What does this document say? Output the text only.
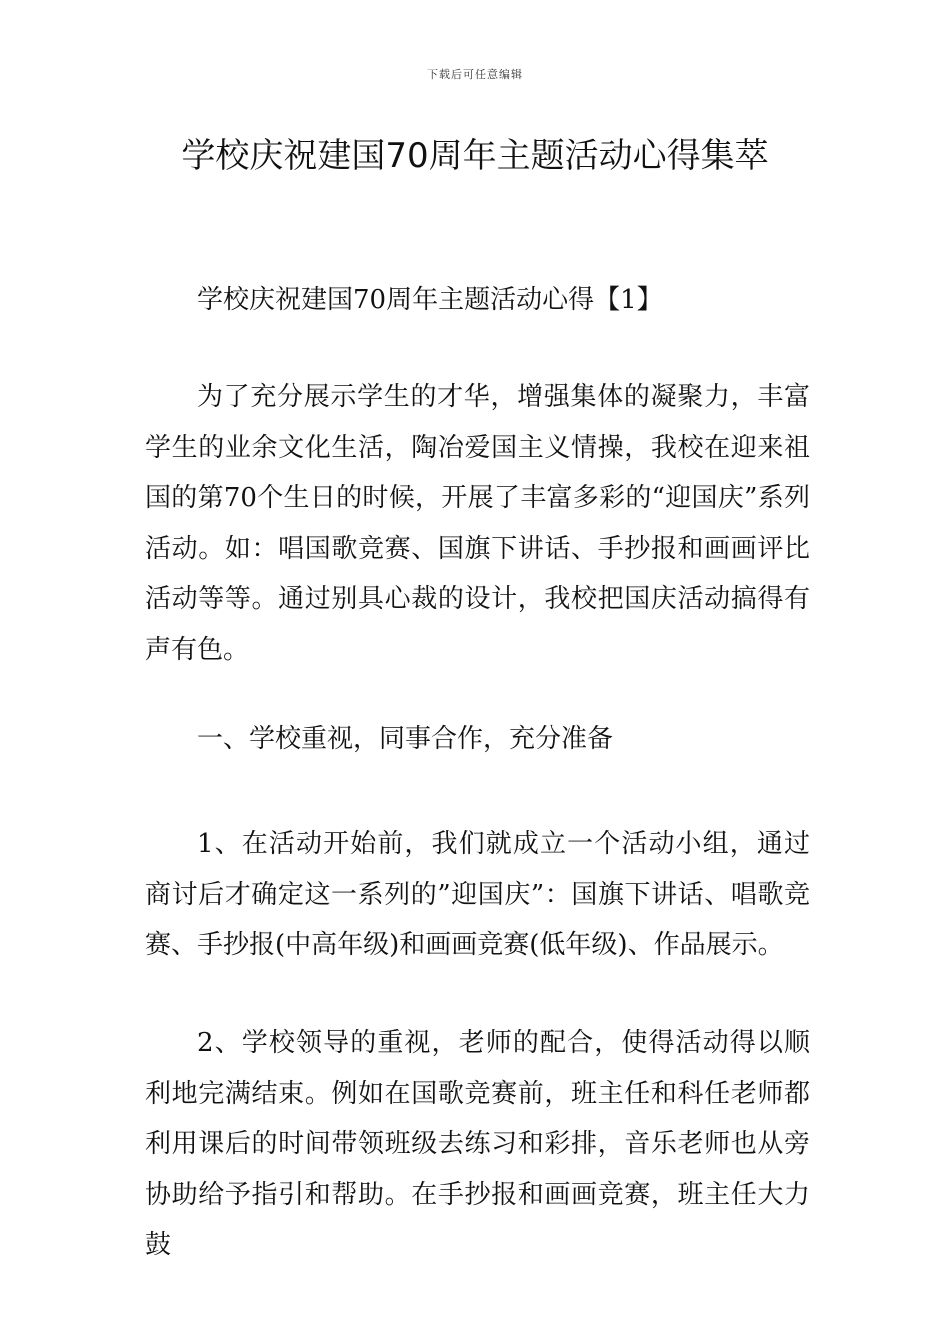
下载后可任意编辑
学校庆祝建国70周年主题活动心得集萃

学校庆祝建国70周年主题活动心得【1】

为了充分展示学生的才华，增强集体的凝聚力，丰富学生的业余文化生活，陶冶爱国主义情操，我校在迎来祖国的第70个生日的时候，开展了丰富多彩的“迎国庆”系列活动。如：唱国歌竞赛、国旗下讲话、手抄报和画画评比活动等等。通过别具心裁的设计，我校把国庆活动搞得有声有色。

一、学校重视，同事合作，充分准备

1、在活动开始前，我们就成立一个活动小组，通过商讨后才确定这一系列的”迎国庆”：国旗下讲话、唱歌竞赛、手抄报(中高年级)和画画竞赛(低年级)、作品展示。

2、学校领导的重视，老师的配合，使得活动得以顺利地完满结束。例如在国歌竞赛前，班主任和科任老师都利用课后的时间带领班级去练习和彩排，音乐老师也从旁协助给予指引和帮助。在手抄报和画画竞赛，班主任大力鼓
